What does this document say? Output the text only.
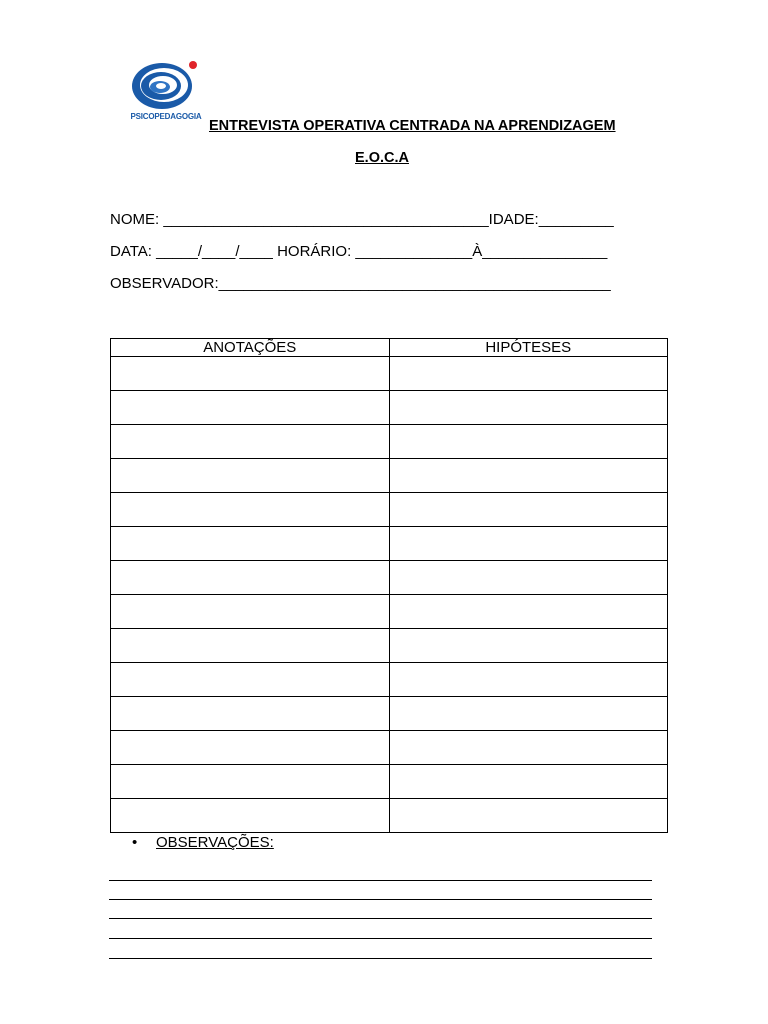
PSICOPEDAGOGIA
ENTREVISTA OPERATIVA CENTRADA NA APRENDIZAGEM
E.O.C.A
NOME: _______________________________________IDADE:_________
DATA: _____/____/____ HORÁRIO: ______________À_______________
OBSERVADOR:_______________________________________________
ANOTAÇÕES	HIPÓTESES

• OBSERVAÇÕES:
